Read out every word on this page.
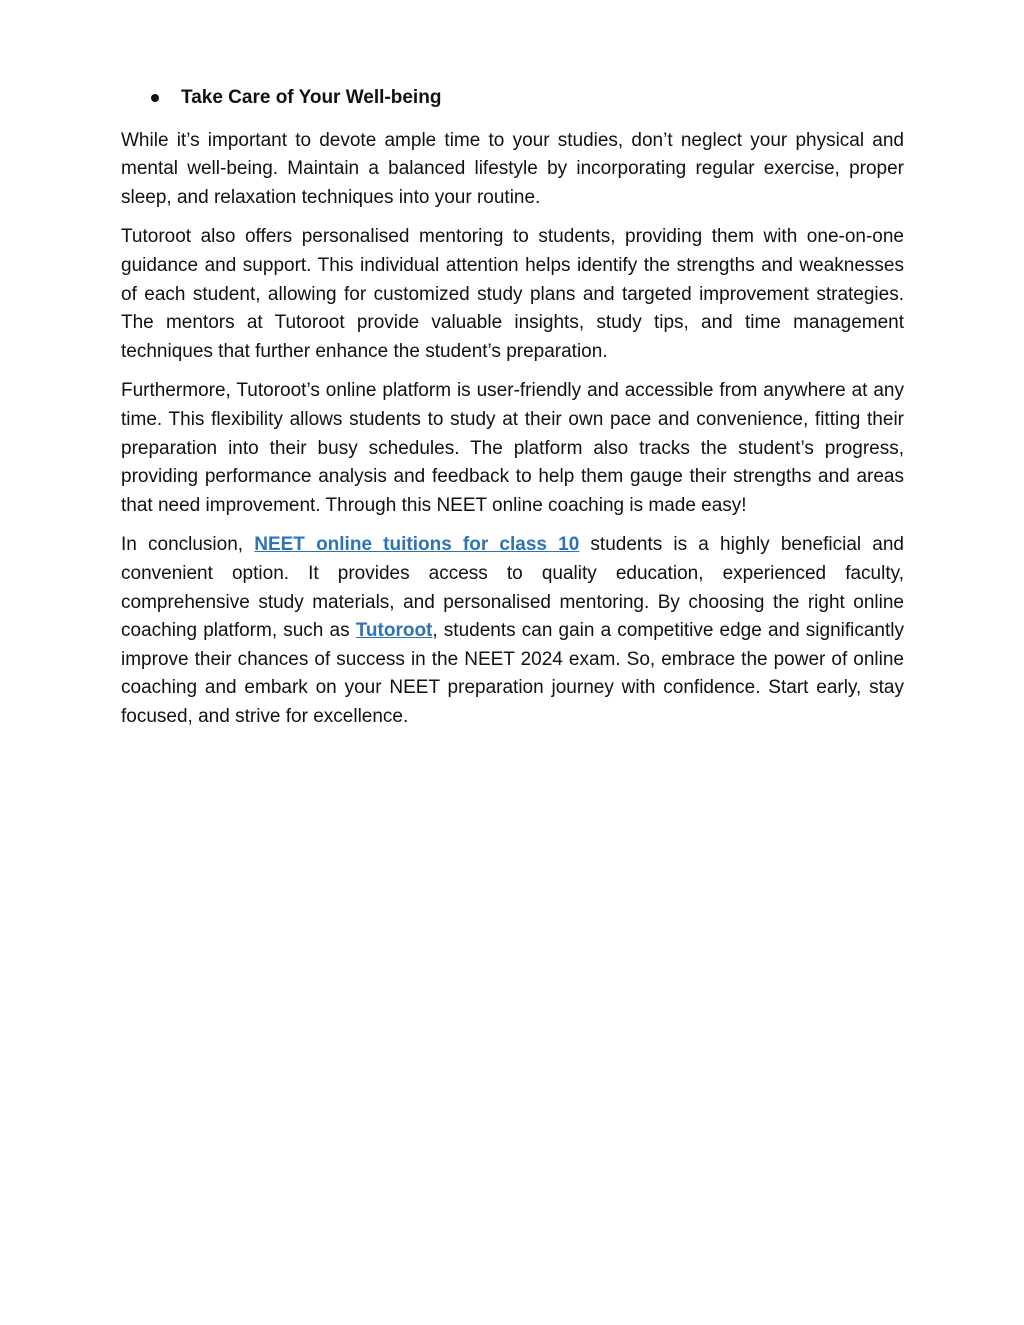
Take Care of Your Well-being

While it’s important to devote ample time to your studies, don’t neglect your physical and mental well-being. Maintain a balanced lifestyle by incorporating regular exercise, proper sleep, and relaxation techniques into your routine.

Tutoroot also offers personalised mentoring to students, providing them with one-on-one guidance and support. This individual attention helps identify the strengths and weaknesses of each student, allowing for customized study plans and targeted improvement strategies. The mentors at Tutoroot provide valuable insights, study tips, and time management techniques that further enhance the student’s preparation.

Furthermore, Tutoroot’s online platform is user-friendly and accessible from anywhere at any time. This flexibility allows students to study at their own pace and convenience, fitting their preparation into their busy schedules. The platform also tracks the student’s progress, providing performance analysis and feedback to help them gauge their strengths and areas that need improvement. Through this NEET online coaching is made easy!

In conclusion, NEET online tuitions for class 10 students is a highly beneficial and convenient option. It provides access to quality education, experienced faculty, comprehensive study materials, and personalised mentoring. By choosing the right online coaching platform, such as Tutoroot, students can gain a competitive edge and significantly improve their chances of success in the NEET 2024 exam. So, embrace the power of online coaching and embark on your NEET preparation journey with confidence. Start early, stay focused, and strive for excellence.
